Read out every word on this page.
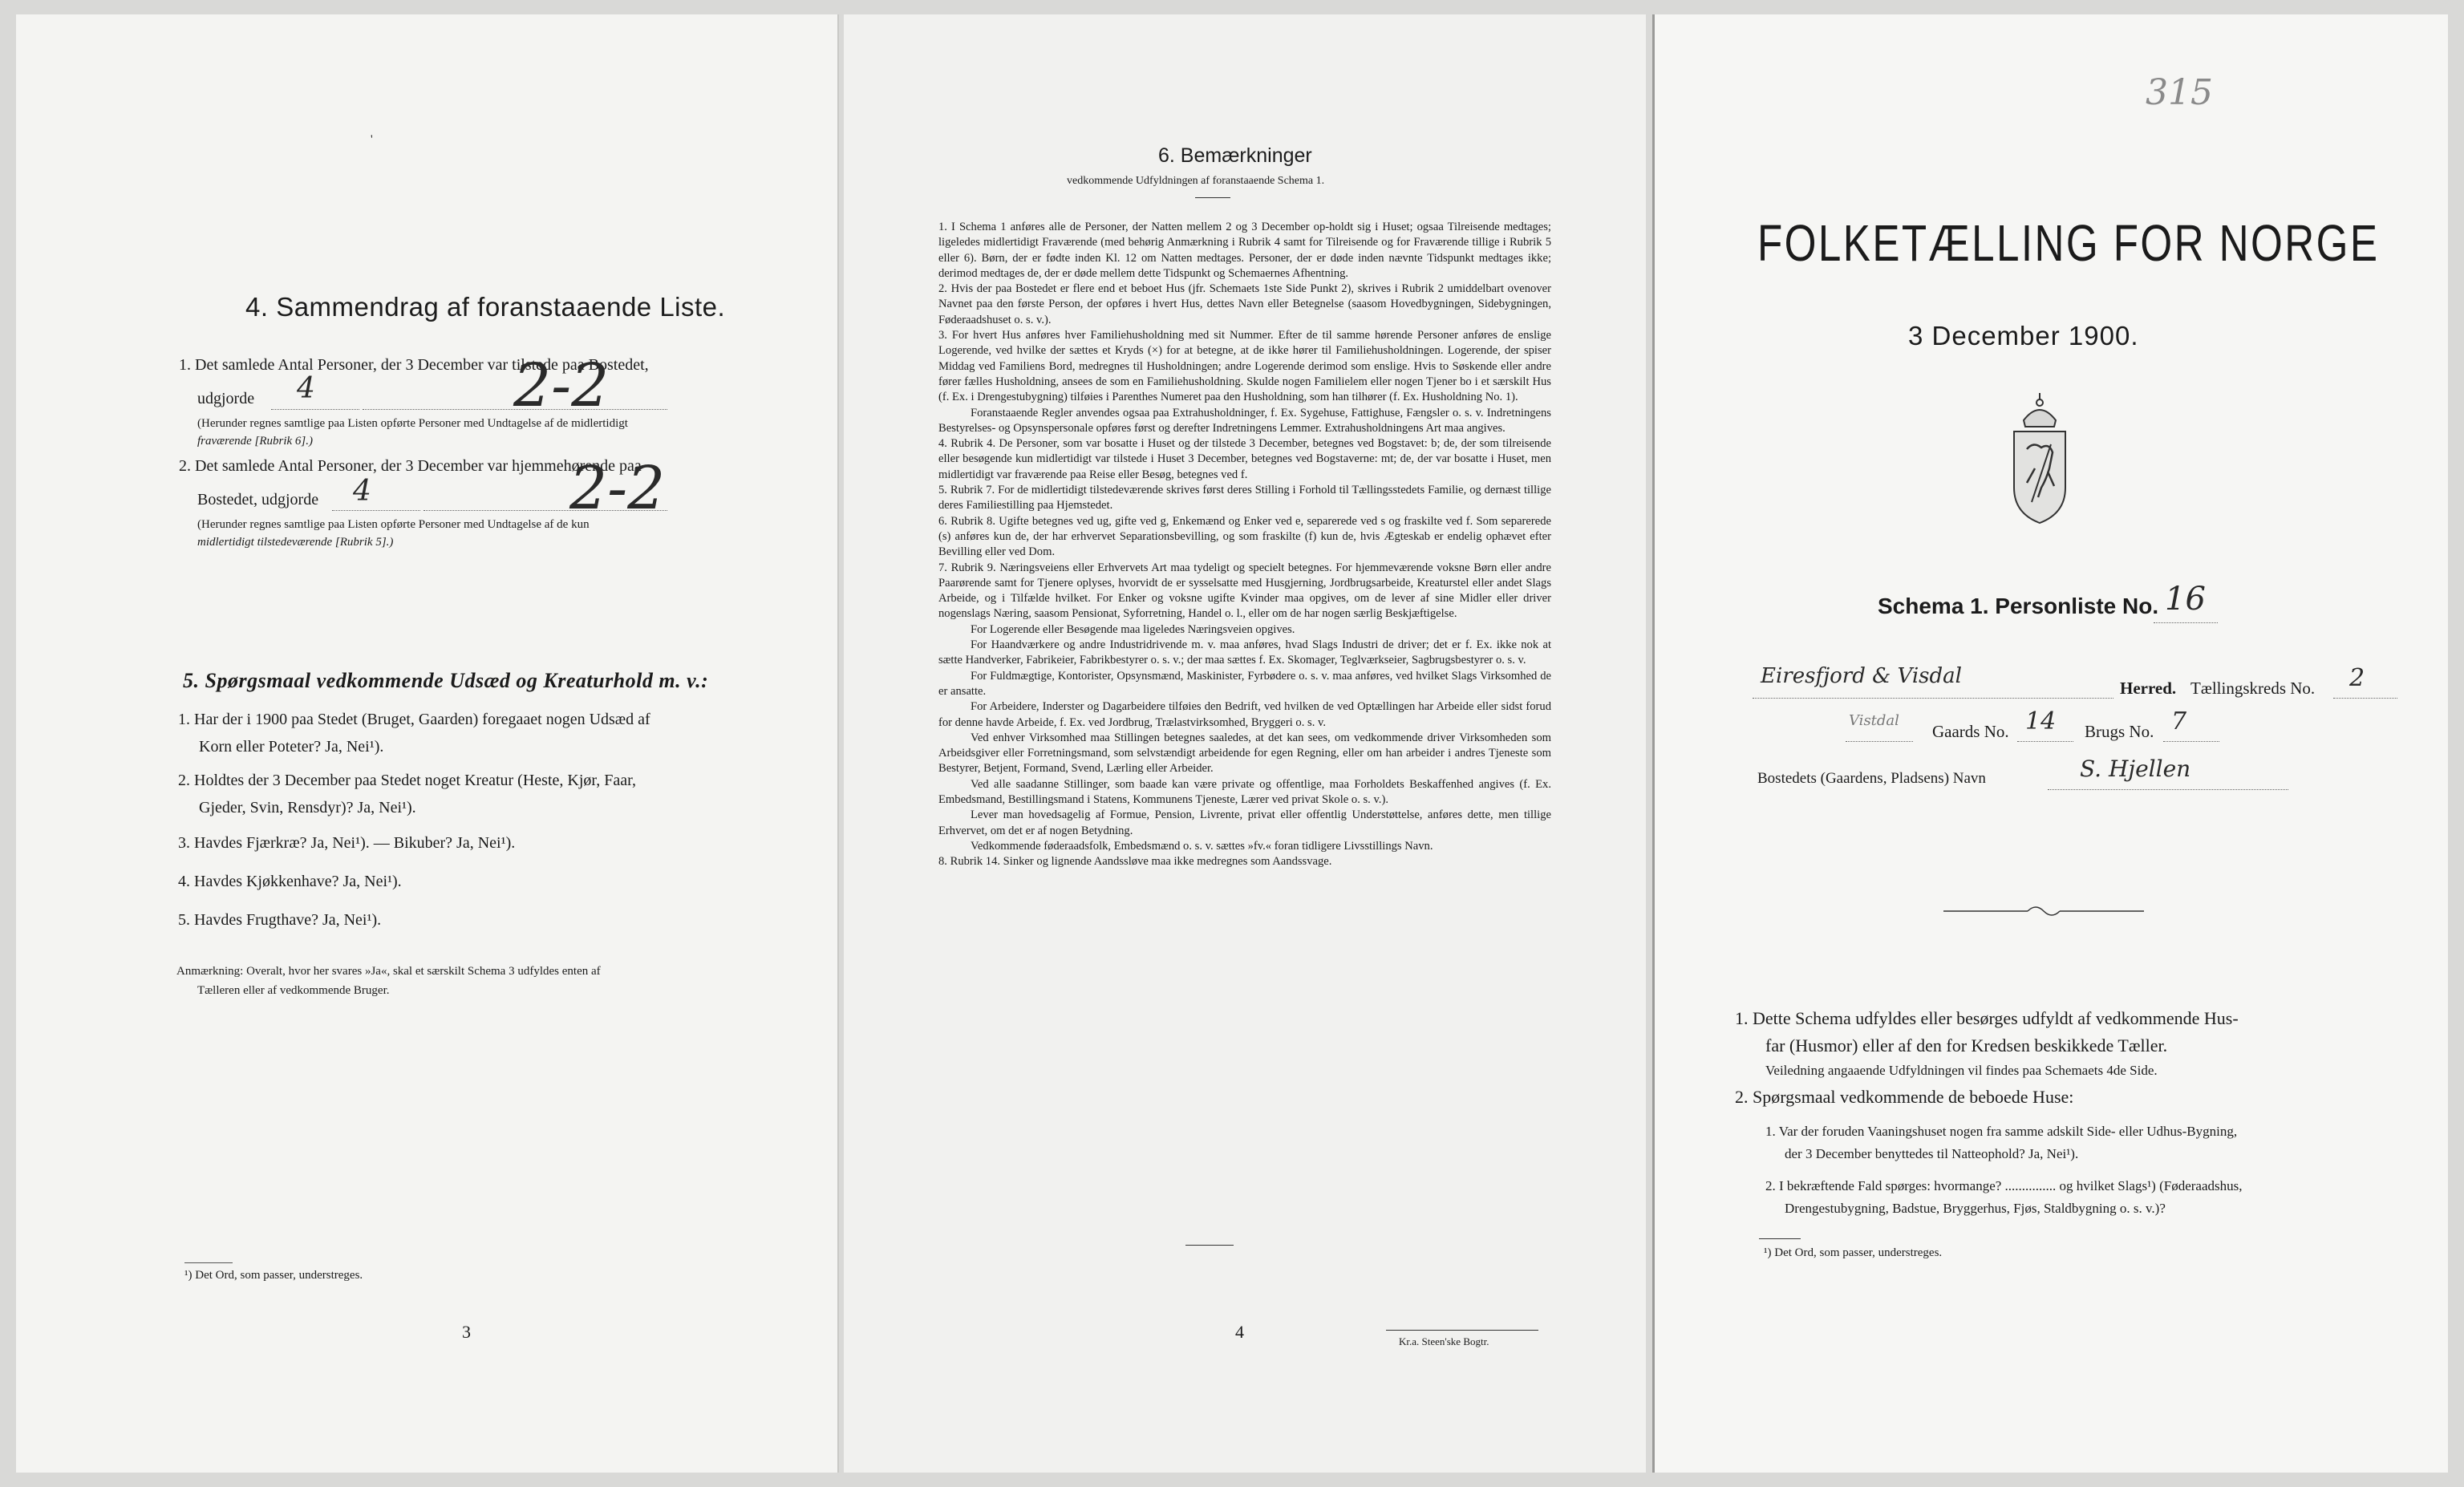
'
4. Sammendrag af foranstaaende Liste.
1. Det samlede Antal Personer, der 3 December var tilstede paa Bostedet,
udgjorde 4	2-2
(Herunder regnes samtlige paa Listen opførte Personer med Undtagelse af de midlertidigt
fraværende [Rubrik 6].)
2. Det samlede Antal Personer, der 3 December var hjemmehørende paa
Bostedet, udgjorde 4	2-2
(Herunder regnes samtlige paa Listen opførte Personer med Undtagelse af de kun
midlertidigt tilstedeværende [Rubrik 5].)
5. Spørgsmaal vedkommende Udsæd og Kreaturhold m. v.:
1. Har der i 1900 paa Stedet (Bruget, Gaarden) foregaaet nogen Udsæd af
Korn eller Poteter? Ja, Nei¹).
2. Holdtes der 3 December paa Stedet noget Kreatur (Heste, Kjør, Faar,
Gjeder, Svin, Rensdyr)? Ja, Nei¹).
3. Havdes Fjærkræ? Ja, Nei¹). — Bikuber? Ja, Nei¹).
4. Havdes Kjøkkenhave? Ja, Nei¹).
5. Havdes Frugthave? Ja, Nei¹).
Anmærkning: Overalt, hvor her svares »Ja«, skal et særskilt Schema 3 udfyldes enten af
Tælleren eller af vedkommende Bruger.
¹) Det Ord, som passer, understreges.
3
6. Bemærkninger
vedkommende Udfyldningen af foranstaaende Schema 1.

1. I Schema 1 anføres alle de Personer, der Natten mellem 2 og 3 December op-holdt sig i Huset; ogsaa Tilreisende medtages; ligeledes midlertidigt Fraværende (med behørig Anmærkning i Rubrik 4 samt for Tilreisende og for Fraværende tillige i Rubrik 5 eller 6). Børn, der er fødte inden Kl. 12 om Natten medtages. Personer, der er døde inden nævnte Tidspunkt medtages ikke; derimod medtages de, der er døde mellem dette Tidspunkt og Schemaernes Afhentning.

2. Hvis der paa Bostedet er flere end et beboet Hus (jfr. Schemaets 1ste Side Punkt 2), skrives i Rubrik 2 umiddelbart ovenover Navnet paa den første Person, der opføres i hvert Hus, dettes Navn eller Betegnelse (saasom Hovedbygningen, Sidebygningen, Føderaadshuset o. s. v.).

3. For hvert Hus anføres hver Familiehusholdning med sit Nummer. Efter de til samme hørende Personer anføres de enslige Logerende, ved hvilke der sættes et Kryds (×) for at betegne, at de ikke hører til Familiehusholdningen. Logerende, der spiser Middag ved Familiens Bord, medregnes til Husholdningen; andre Logerende derimod som enslige. Hvis to Søskende eller andre fører fælles Husholdning, ansees de som en Familiehusholdning. Skulde nogen Familielem eller nogen Tjener bo i et særskilt Hus (f. Ex. i Drengestubygning) tilføies i Parenthes Numeret paa den Husholdning, som han tilhører (f. Ex. Husholdning No. 1).

Foranstaaende Regler anvendes ogsaa paa Extrahusholdninger, f. Ex. Sygehuse, Fattighuse, Fængsler o. s. v. Indretningens Bestyrelses- og Opsynspersonale opføres først og derefter Indretningens Lemmer. Extrahusholdningens Art maa angives.

4. Rubrik 4. De Personer, som var bosatte i Huset og der tilstede 3 December, betegnes ved Bogstavet: b; de, der som tilreisende eller besøgende kun midlertidigt var tilstede i Huset 3 December, betegnes ved Bogstaverne: mt; de, der var bosatte i Huset, men midlertidigt var fraværende paa Reise eller Besøg, betegnes ved f.

5. Rubrik 7. For de midlertidigt tilstedeværende skrives først deres Stilling i Forhold til Tællingsstedets Familie, og dernæst tillige deres Familiestilling paa Hjemstedet.

6. Rubrik 8. Ugifte betegnes ved ug, gifte ved g, Enkemænd og Enker ved e, separerede ved s og fraskilte ved f. Som separerede (s) anføres kun de, der har erhvervet Separationsbevilling, og som fraskilte (f) kun de, hvis Ægteskab er endelig ophævet efter Bevilling eller ved Dom.

7. Rubrik 9. Næringsveiens eller Erhvervets Art maa tydeligt og specielt betegnes. For hjemmeværende voksne Børn eller andre Paarørende samt for Tjenere oplyses, hvorvidt de er sysselsatte med Husgjerning, Jordbrugsarbeide, Kreaturstel eller andet Slags Arbeide, og i Tilfælde hvilket. For Enker og voksne ugifte Kvinder maa opgives, om de lever af sine Midler eller driver nogenslags Næring, saasom Pensionat, Syforretning, Handel o. l., eller om de har nogen særlig Beskjæftigelse.

For Logerende eller Besøgende maa ligeledes Næringsveien opgives.

For Haandværkere og andre Industridrivende m. v. maa anføres, hvad Slags Industri de driver; det er f. Ex. ikke nok at sætte Handverker, Fabrikeier, Fabrikbestyrer o. s. v.; der maa sættes f. Ex. Skomager, Teglværkseier, Sagbrugsbestyrer o. s. v.

For Fuldmægtige, Kontorister, Opsynsmænd, Maskinister, Fyrbødere o. s. v. maa anføres, ved hvilket Slags Virksomhed de er ansatte.

For Arbeidere, Inderster og Dagarbeidere tilføies den Bedrift, ved hvilken de ved Optællingen har Arbeide eller sidst forud for denne havde Arbeide, f. Ex. ved Jordbrug, Trælastvirksomhed, Bryggeri o. s. v.

Ved enhver Virksomhed maa Stillingen betegnes saaledes, at det kan sees, om vedkommende driver Virksomheden som Arbeidsgiver eller Forretningsmand, som selvstændigt arbeidende for egen Regning, eller om han arbeider i andres Tjeneste som Bestyrer, Betjent, Formand, Svend, Lærling eller Arbeider.

Ved alle saadanne Stillinger, som baade kan være private og offentlige, maa Forholdets Beskaffenhed angives (f. Ex. Embedsmand, Bestillingsmand i Statens, Kommunens Tjeneste, Lærer ved privat Skole o. s. v.).

Lever man hovedsagelig af Formue, Pension, Livrente, privat eller offentlig Understøttelse, anføres dette, men tillige Erhvervet, om det er af nogen Betydning.

Vedkommende føderaadsfolk, Embedsmænd o. s. v. sættes »fv.« foran tidligere Livsstillings Navn.

8. Rubrik 14. Sinker og lignende Aandssløve maa ikke medregnes som Aandssvage.

4	Kr.a. Steen'ske Bogtr.
315
FOLKETÆLLING FOR NORGE
3 December 1900.
Schema 1. Personliste No. 16
Eiresfjord & Visdal	Herred. Tællingskreds No. 2
Vistdal
Gaards No. 14 Brugs No. 7
Bostedets (Gaardens, Pladsens) Navn	S. Hjellen
1. Dette Schema udfyldes eller besørges udfyldt af vedkommende Hus-
far (Husmor) eller af den for Kredsen beskikkede Tæller.
Veiledning angaaende Udfyldningen vil findes paa Schemaets 4de Side.
2. Spørgsmaal vedkommende de beboede Huse:
1. Var der foruden Vaaningshuset nogen fra samme adskilt Side- eller Udhus-Bygning,
der 3 December benyttedes til Natteophold? Ja, Nei¹).
2. I bekræftende Fald spørges: hvormange? ............... og hvilket Slags¹) (Føderaadshus,
Drengestubygning, Badstue, Bryggerhus, Fjøs, Staldbygning o. s. v.)?
¹) Det Ord, som passer, understreges.
